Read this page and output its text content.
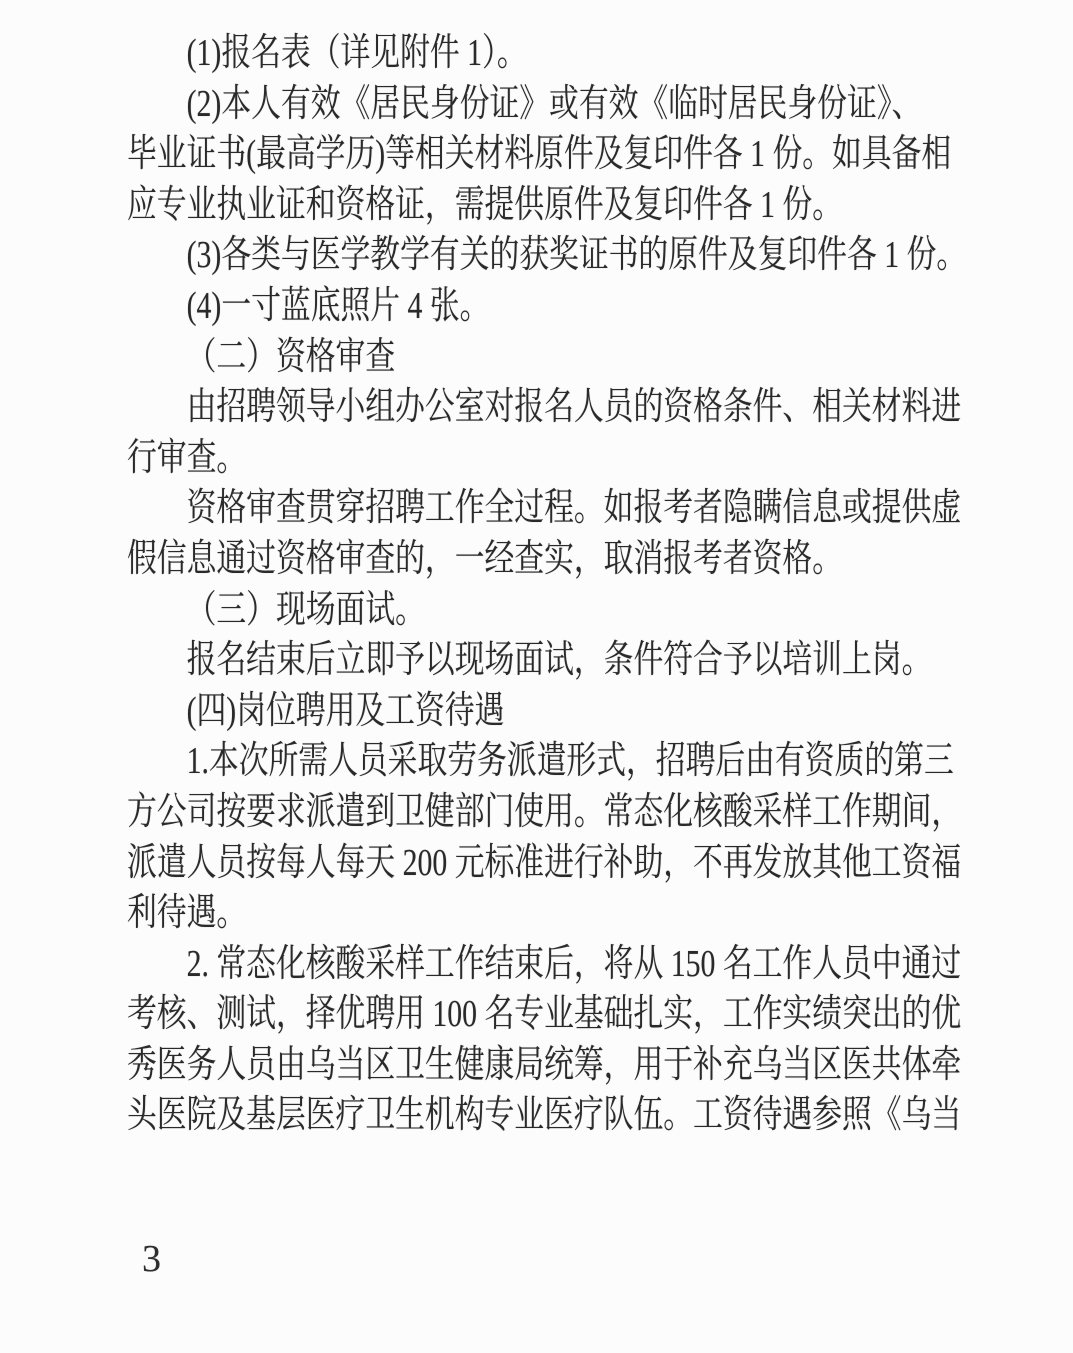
(1)报名表（详见附件 1）。
(2)本人有效《居民身份证》或有效《临时居民身份证》、
毕业证书(最高学历)等相关材料原件及复印件各 1 份。如具备相
应专业执业证和资格证，需提供原件及复印件各 1 份。
(3)各类与医学教学有关的获奖证书的原件及复印件各 1 份。
(4)一寸蓝底照片 4 张。
（二）资格审查
由招聘领导小组办公室对报名人员的资格条件、相关材料进
行审查。
资格审查贯穿招聘工作全过程。如报考者隐瞒信息或提供虚
假信息通过资格审查的，一经查实，取消报考者资格。
（三）现场面试。
报名结束后立即予以现场面试，条件符合予以培训上岗。
(四)岗位聘用及工资待遇
1.本次所需人员采取劳务派遣形式，招聘后由有资质的第三
方公司按要求派遣到卫健部门使用。常态化核酸采样工作期间，
派遣人员按每人每天 200 元标准进行补助，不再发放其他工资福
利待遇。
2. 常态化核酸采样工作结束后，将从 150 名工作人员中通过
考核、测试，择优聘用 100 名专业基础扎实，工作实绩突出的优
秀医务人员由乌当区卫生健康局统筹，用于补充乌当区医共体牵
头医院及基层医疗卫生机构专业医疗队伍。工资待遇参照《乌当
3
